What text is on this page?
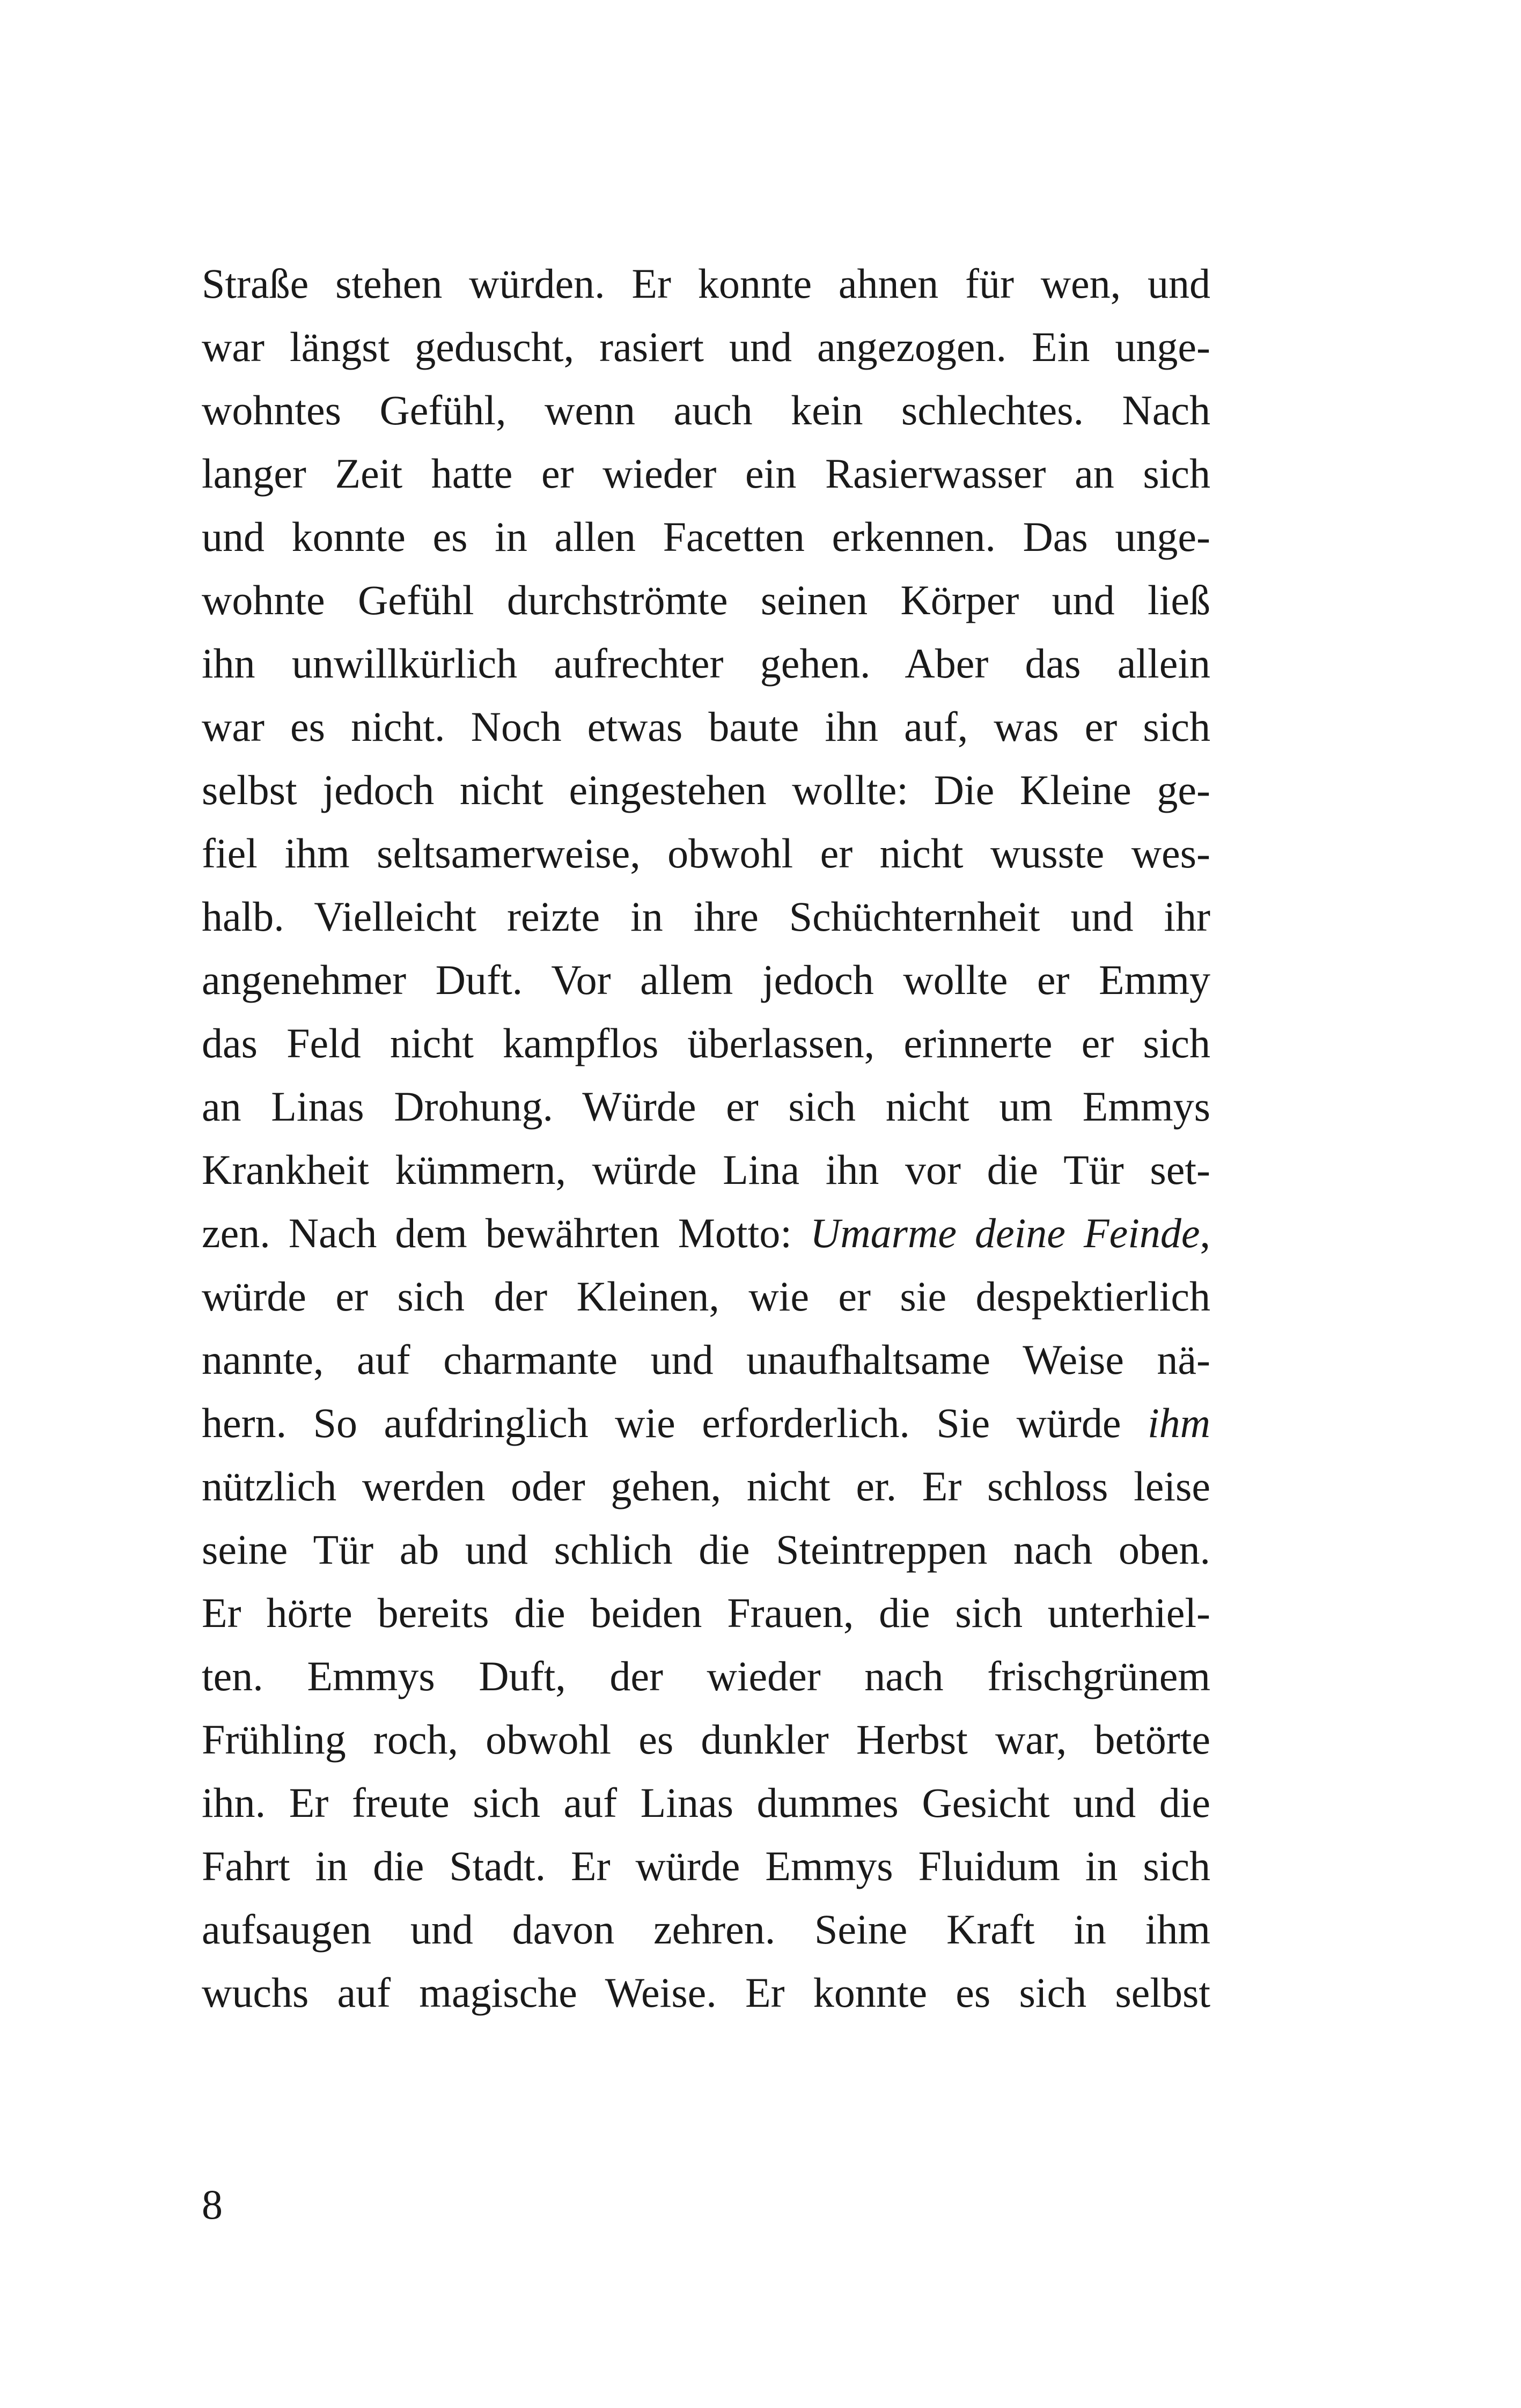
Straße stehen würden. Er konnte ahnen für wen, und
war längst geduscht, rasiert und angezogen. Ein unge-
wohntes Gefühl, wenn auch kein schlechtes. Nach
langer Zeit hatte er wieder ein Rasierwasser an sich
und konnte es in allen Facetten erkennen. Das unge-
wohnte Gefühl durchströmte seinen Körper und ließ
ihn unwillkürlich aufrechter gehen. Aber das allein
war es nicht. Noch etwas baute ihn auf, was er sich
selbst jedoch nicht eingestehen wollte: Die Kleine ge-
fiel ihm seltsamerweise, obwohl er nicht wusste wes-
halb. Vielleicht reizte in ihre Schüchternheit und ihr
angenehmer Duft. Vor allem jedoch wollte er Emmy
das Feld nicht kampflos überlassen, erinnerte er sich
an Linas Drohung. Würde er sich nicht um Emmys
Krankheit kümmern, würde Lina ihn vor die Tür set-
zen. Nach dem bewährten Motto: Umarme deine Feinde,
würde er sich der Kleinen, wie er sie despektierlich
nannte, auf charmante und unaufhaltsame Weise nä-
hern. So aufdringlich wie erforderlich. Sie würde ihm
nützlich werden oder gehen, nicht er. Er schloss leise
seine Tür ab und schlich die Steintreppen nach oben.
Er hörte bereits die beiden Frauen, die sich unterhiel-
ten. Emmys Duft, der wieder nach frischgrünem
Frühling roch, obwohl es dunkler Herbst war, betörte
ihn. Er freute sich auf Linas dummes Gesicht und die
Fahrt in die Stadt. Er würde Emmys Fluidum in sich
aufsaugen und davon zehren. Seine Kraft in ihm
wuchs auf magische Weise. Er konnte es sich selbst
8
